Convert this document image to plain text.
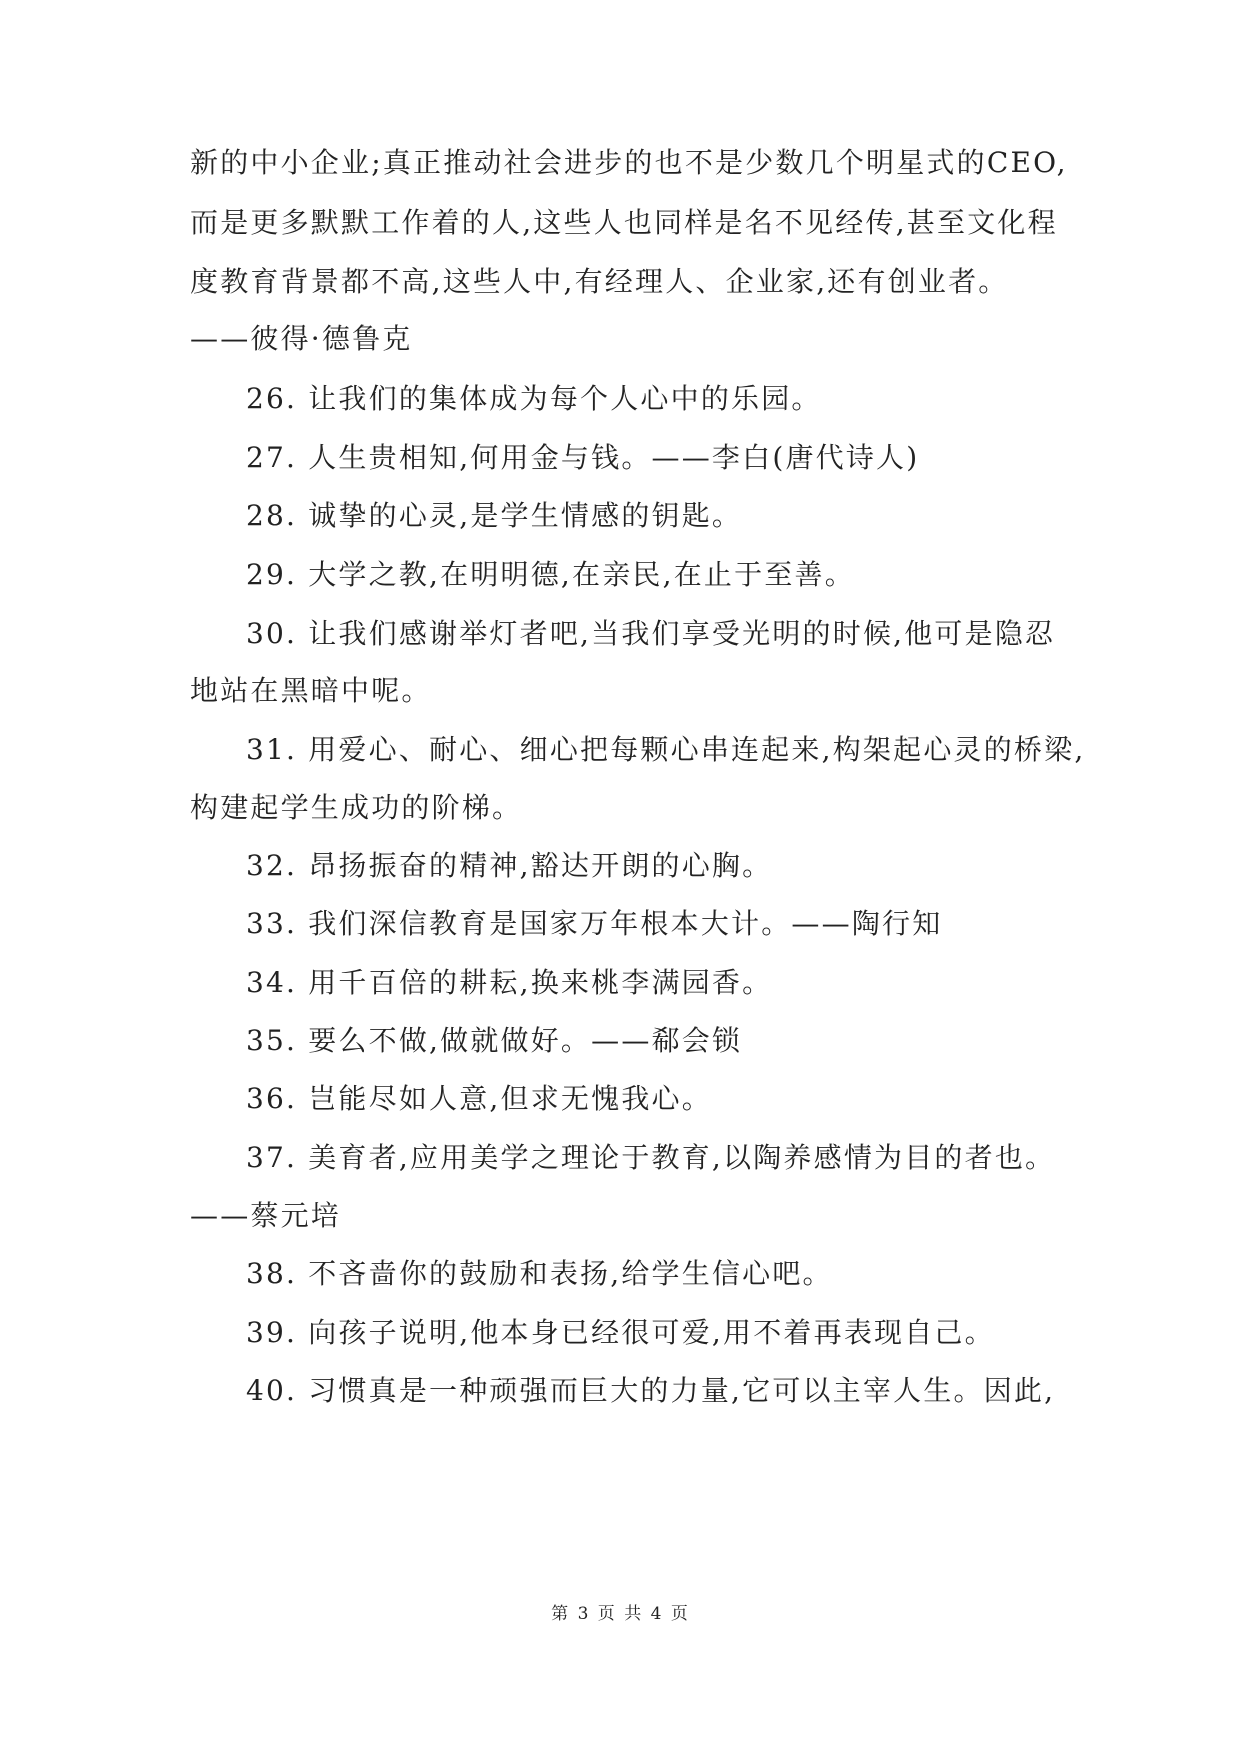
新的中小企业;真正推动社会进步的也不是少数几个明星式的CEO,
而是更多默默工作着的人,这些人也同样是名不见经传,甚至文化程
度教育背景都不高,这些人中,有经理人、企业家,还有创业者。
——彼得·德鲁克
26. 让我们的集体成为每个人心中的乐园。
27. 人生贵相知,何用金与钱。——李白(唐代诗人)
28. 诚挚的心灵,是学生情感的钥匙。
29. 大学之教,在明明德,在亲民,在止于至善。
30. 让我们感谢举灯者吧,当我们享受光明的时候,他可是隐忍
地站在黑暗中呢。
31. 用爱心、耐心、细心把每颗心串连起来,构架起心灵的桥梁,
构建起学生成功的阶梯。
32. 昂扬振奋的精神,豁达开朗的心胸。
33. 我们深信教育是国家万年根本大计。——陶行知
34. 用千百倍的耕耘,换来桃李满园香。
35. 要么不做,做就做好。——郗会锁
36. 岂能尽如人意,但求无愧我心。
37. 美育者,应用美学之理论于教育,以陶养感情为目的者也。
——蔡元培
38. 不吝啬你的鼓励和表扬,给学生信心吧。
39. 向孩子说明,他本身已经很可爱,用不着再表现自己。
40. 习惯真是一种顽强而巨大的力量,它可以主宰人生。因此,
第 3 页 共 4 页
